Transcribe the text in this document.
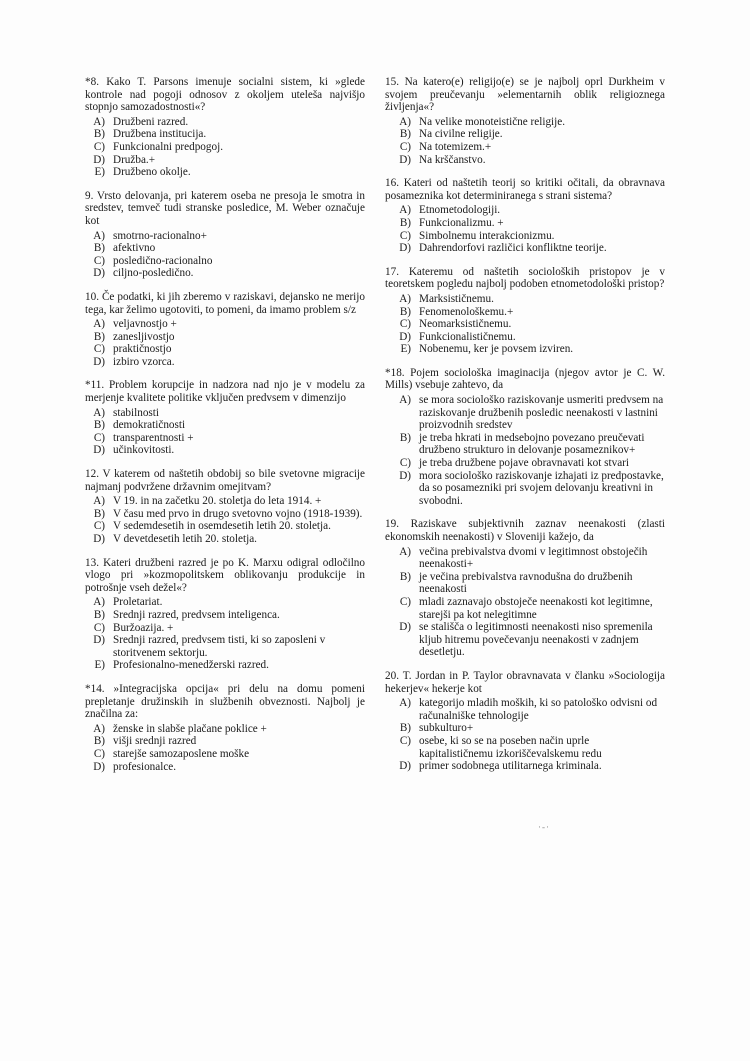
*8. Kako T. Parsons imenuje socialni sistem, ki »glede kontrole nad pogoji odnosov z okoljem uteleša najvišjo stopnjo samozadostnosti«?

A) Družbeni razred.
B) Družbena institucija.
C) Funkcionalni predpogoj.
D) Družba.+
E) Družbeno okolje.

9. Vrsto delovanja, pri katerem oseba ne presoja le smotra in sredstev, temveč tudi stranske posledice, M. Weber označuje kot

A) smotrno-racionalno+
B) afektivno
C) posledično-racionalno
D) ciljno-posledično.

10. Če podatki, ki jih zberemo v raziskavi, dejansko ne merijo tega, kar želimo ugotoviti, to pomeni, da imamo problem s/z

A) veljavnostjo +
B) zanesljivostjo
C) praktičnostjo
D) izbiro vzorca.

*11. Problem korupcije in nadzora nad njo je v modelu za merjenje kvalitete politike vključen predvsem v dimenzijo

A) stabilnosti
B) demokratičnosti
C) transparentnosti +
D) učinkovitosti.

12. V katerem od naštetih obdobij so bile svetovne migracije najmanj podvržene državnim omejitvam?

A) V 19. in na začetku 20. stoletja do leta 1914. +
B) V času med prvo in drugo svetovno vojno (1918-1939).
C) V sedemdesetih in osemdesetih letih 20. stoletja.
D) V devetdesetih letih 20. stoletja.

13. Kateri družbeni razred je po K. Marxu odigral odločilno vlogo pri »kozmopolitskem oblikovanju produkcije in potrošnje vseh dežel«?

A) Proletariat.
B) Srednji razred, predvsem inteligenca.
C) Buržoazija. +
D) Srednji razred, predvsem tisti, ki so zaposleni v storitvenem sektorju.
E) Profesionalno-menedžerski razred.

*14. »Integracijska opcija« pri delu na domu pomeni prepletanje družinskih in službenih obveznosti. Najbolj je značilna za:

A) ženske in slabše plačane poklice +
B) višji srednji razred
C) starejše samozaposlene moške
D) profesionalce.

15. Na katero(e) religijo(e) se je najbolj oprl Durkheim v svojem preučevanju »elementarnih oblik religioznega življenja«?

A) Na velike monoteistične religije.
B) Na civilne religije.
C) Na totemizem.+
D) Na krščanstvo.

16. Kateri od naštetih teorij so kritiki očitali, da obravnava posameznika kot determiniranega s strani sistema?

A) Etnometodologiji.
B) Funkcionalizmu. +
C) Simbolnemu interakcionizmu.
D) Dahrendorfovi različici konfliktne teorije.

17. Kateremu od naštetih socioloških pristopov je v teoretskem pogledu najbolj podoben etnometodološki pristop?

A) Marksističnemu.
B) Fenomenološkemu.+
C) Neomarksističnemu.
D) Funkcionalističnemu.
E) Nobenemu, ker je povsem izviren.

*18. Pojem sociološka imaginacija (njegov avtor je C. W. Mills) vsebuje zahtevo, da

A) se mora sociološko raziskovanje usmeriti predvsem na raziskovanje družbenih posledic neenakosti v lastnini proizvodnih sredstev
B) je treba hkrati in medsebojno povezano preučevati družbeno strukturo in delovanje posameznikov+
C) je treba družbene pojave obravnavati kot stvari
D) mora sociološko raziskovanje izhajati iz predpostavke, da so posamezniki pri svojem delovanju kreativni in svobodni.

19. Raziskave subjektivnih zaznav neenakosti (zlasti ekonomskih neenakosti) v Sloveniji kažejo, da

A) večina prebivalstva dvomi v legitimnost obstoječih neenakosti+
B) je večina prebivalstva ravnodušna do družbenih neenakosti
C) mladi zaznavajo obstoječe neenakosti kot legitimne, starejši pa kot nelegitimne
D) se stališča o legitimnosti neenakosti niso spremenila kljub hitremu povečevanju neenakosti v zadnjem desetletju.

20. T. Jordan in P. Taylor obravnavata v članku »Sociologija hekerjev« hekerje kot

A) kategorijo mladih moških, ki so patološko odvisni od računalniške tehnologije
B) subkulturo+
C) osebe, ki so se na poseben način uprle kapitalističnemu izkoriščevalskemu redu
D) primer sodobnega utilitarnega kriminala.
·-·
